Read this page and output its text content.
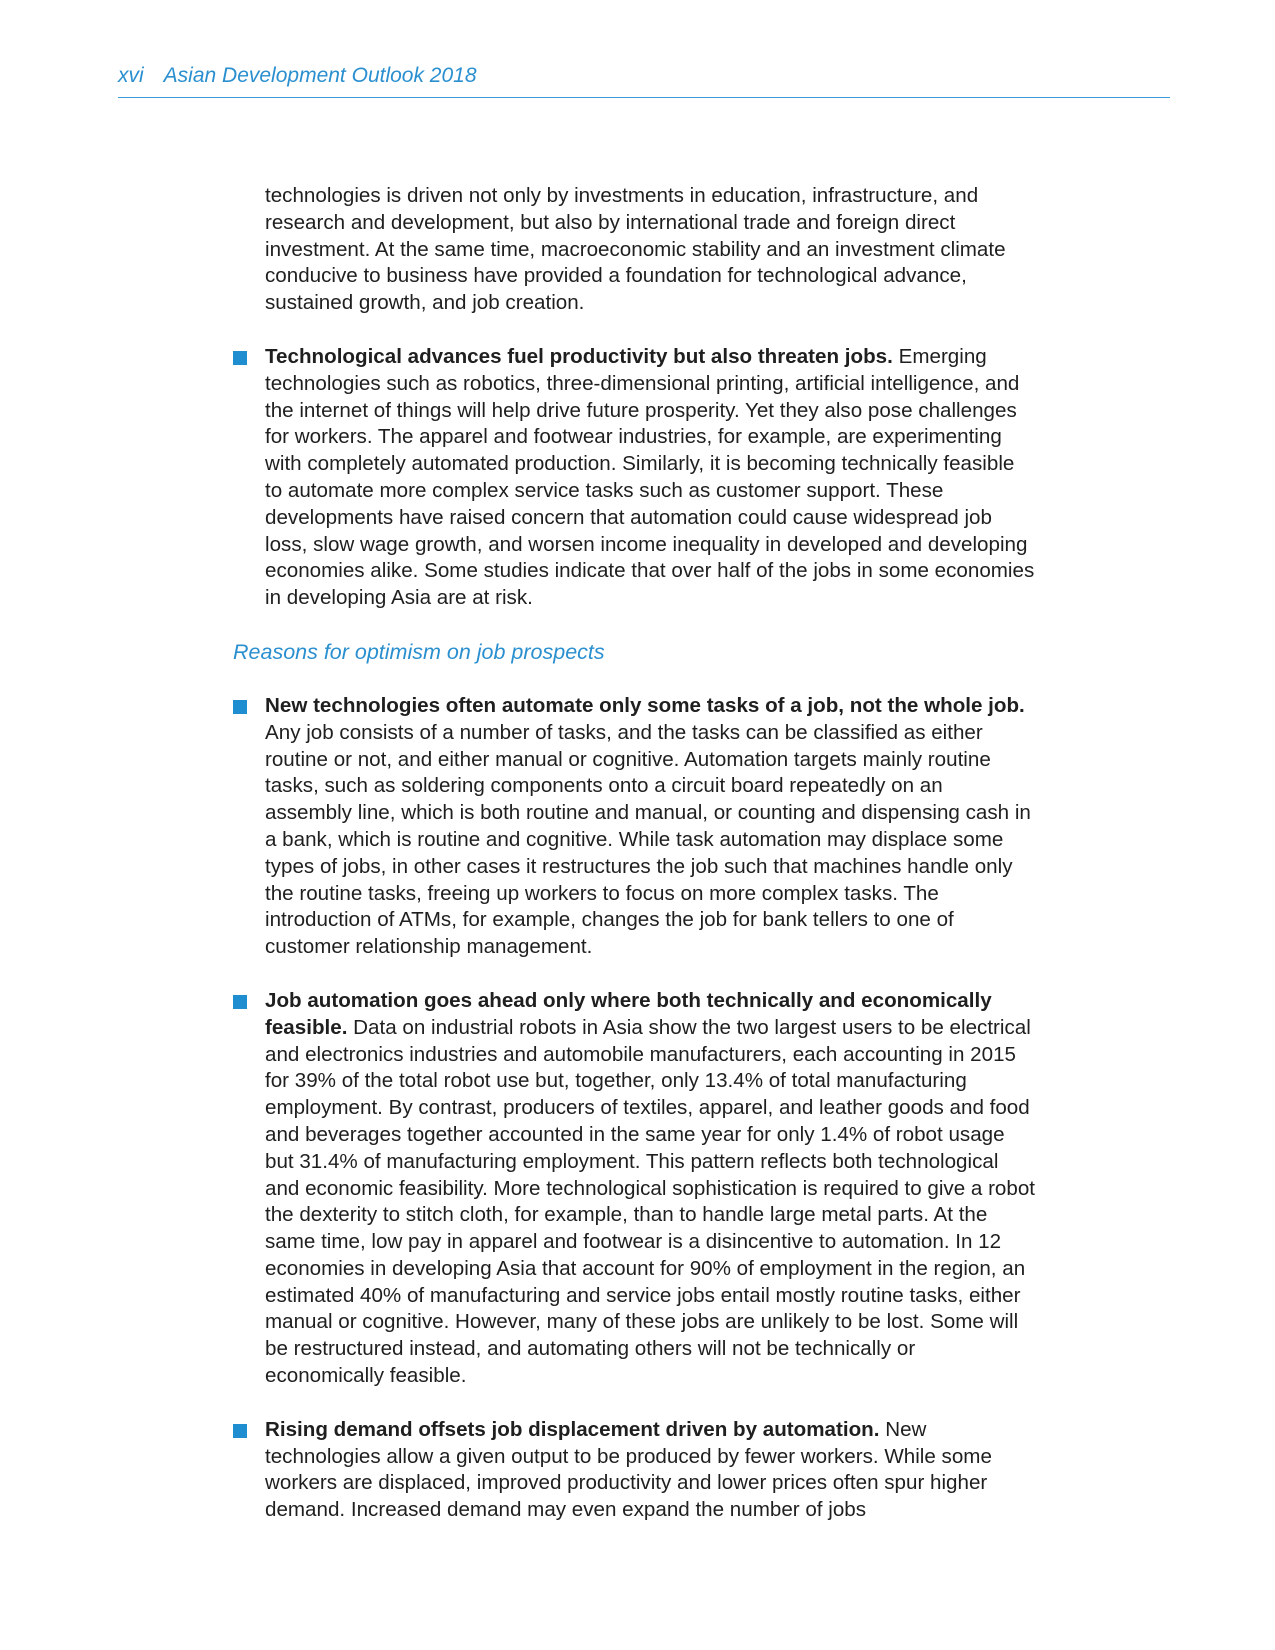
xvi Asian Development Outlook 2018

technologies is driven not only by investments in education, infrastructure, and research and development, but also by international trade and foreign direct investment. At the same time, macroeconomic stability and an investment climate conducive to business have provided a foundation for technological advance, sustained growth, and job creation.

Technological advances fuel productivity but also threaten jobs. Emerging technologies such as robotics, three-dimensional printing, artificial intelligence, and the internet of things will help drive future prosperity. Yet they also pose challenges for workers. The apparel and footwear industries, for example, are experimenting with completely automated production. Similarly, it is becoming technically feasible to automate more complex service tasks such as customer support. These developments have raised concern that automation could cause widespread job loss, slow wage growth, and worsen income inequality in developed and developing economies alike. Some studies indicate that over half of the jobs in some economies in developing Asia are at risk.

Reasons for optimism on job prospects

New technologies often automate only some tasks of a job, not the whole job. Any job consists of a number of tasks, and the tasks can be classified as either routine or not, and either manual or cognitive. Automation targets mainly routine tasks, such as soldering components onto a circuit board repeatedly on an assembly line, which is both routine and manual, or counting and dispensing cash in a bank, which is routine and cognitive. While task automation may displace some types of jobs, in other cases it restructures the job such that machines handle only the routine tasks, freeing up workers to focus on more complex tasks. The introduction of ATMs, for example, changes the job for bank tellers to one of customer relationship management.

Job automation goes ahead only where both technically and economically feasible. Data on industrial robots in Asia show the two largest users to be electrical and electronics industries and automobile manufacturers, each accounting in 2015 for 39% of the total robot use but, together, only 13.4% of total manufacturing employment. By contrast, producers of textiles, apparel, and leather goods and food and beverages together accounted in the same year for only 1.4% of robot usage but 31.4% of manufacturing employment. This pattern reflects both technological and economic feasibility. More technological sophistication is required to give a robot the dexterity to stitch cloth, for example, than to handle large metal parts. At the same time, low pay in apparel and footwear is a disincentive to automation. In 12 economies in developing Asia that account for 90% of employment in the region, an estimated 40% of manufacturing and service jobs entail mostly routine tasks, either manual or cognitive. However, many of these jobs are unlikely to be lost. Some will be restructured instead, and automating others will not be technically or economically feasible.

Rising demand offsets job displacement driven by automation. New technologies allow a given output to be produced by fewer workers. While some workers are displaced, improved productivity and lower prices often spur higher demand. Increased demand may even expand the number of jobs
